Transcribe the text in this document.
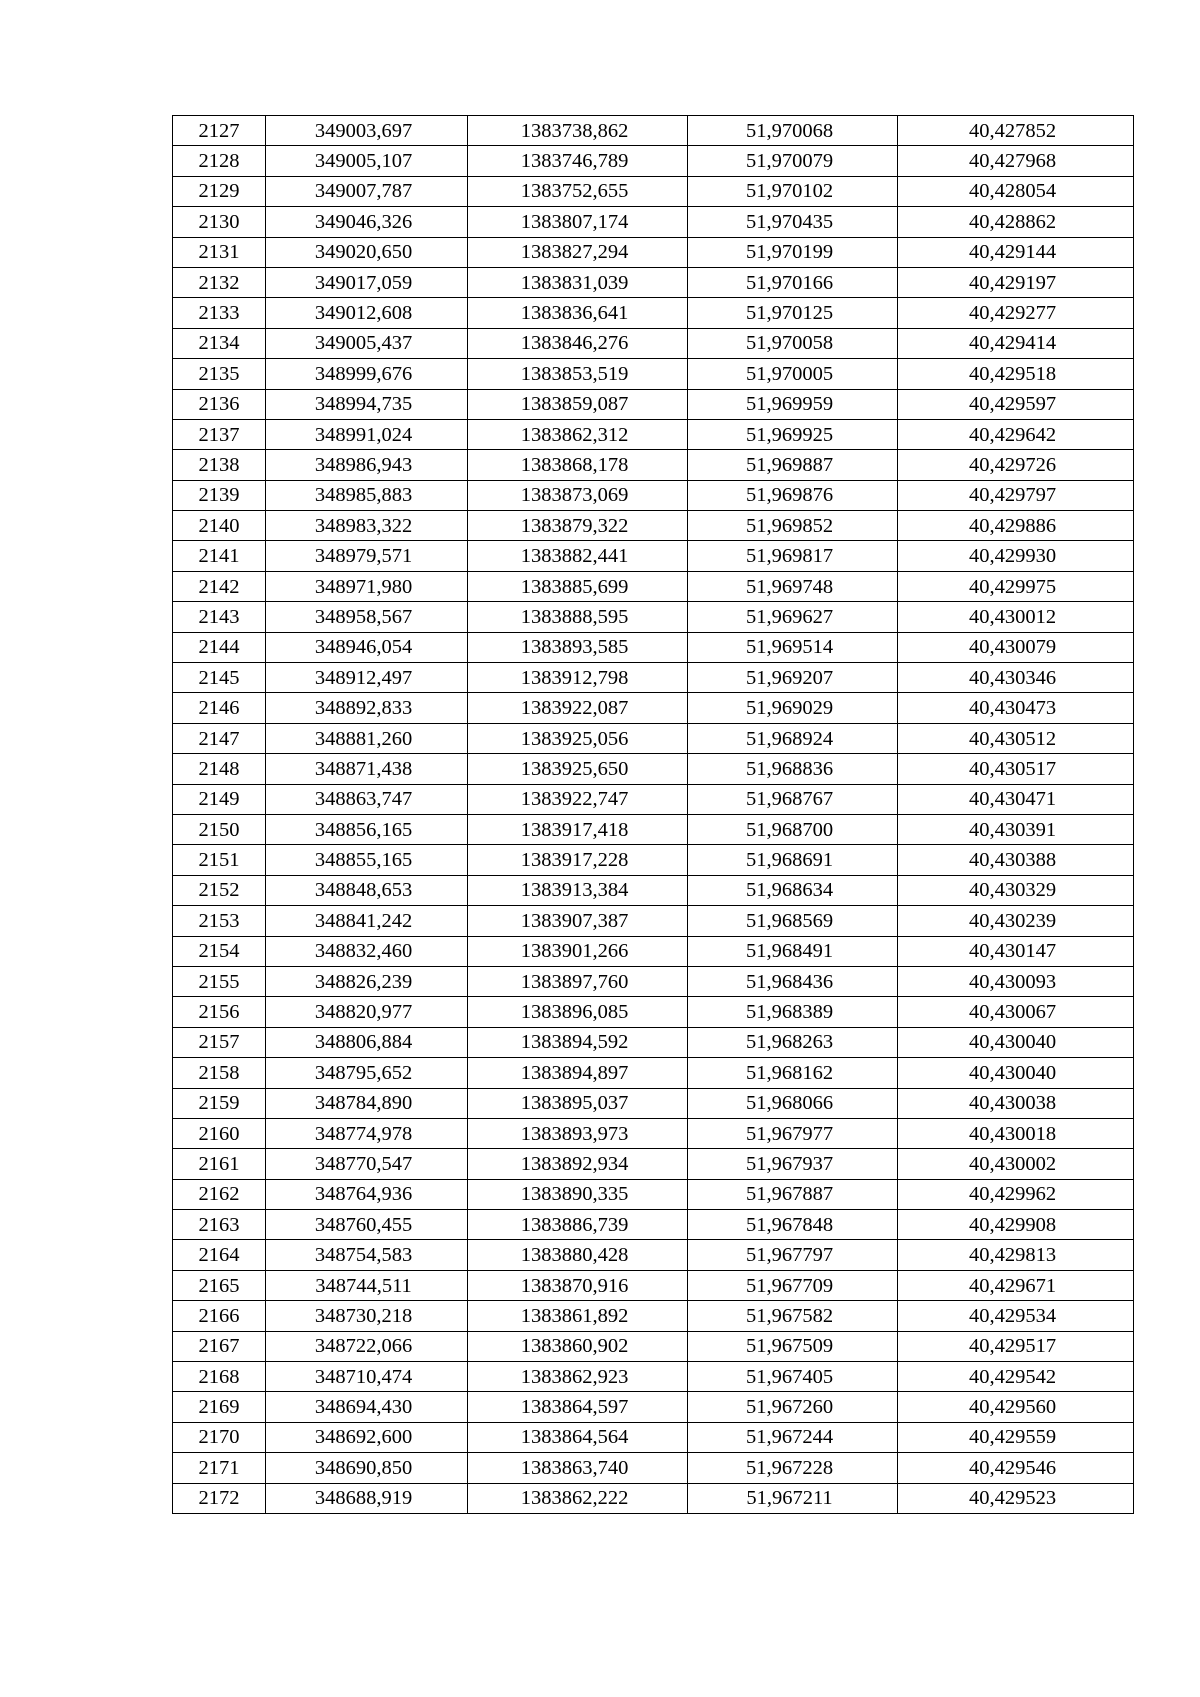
2127	349003,697	1383738,862	51,970068	40,427852
2128	349005,107	1383746,789	51,970079	40,427968
2129	349007,787	1383752,655	51,970102	40,428054
2130	349046,326	1383807,174	51,970435	40,428862
2131	349020,650	1383827,294	51,970199	40,429144
2132	349017,059	1383831,039	51,970166	40,429197
2133	349012,608	1383836,641	51,970125	40,429277
2134	349005,437	1383846,276	51,970058	40,429414
2135	348999,676	1383853,519	51,970005	40,429518
2136	348994,735	1383859,087	51,969959	40,429597
2137	348991,024	1383862,312	51,969925	40,429642
2138	348986,943	1383868,178	51,969887	40,429726
2139	348985,883	1383873,069	51,969876	40,429797
2140	348983,322	1383879,322	51,969852	40,429886
2141	348979,571	1383882,441	51,969817	40,429930
2142	348971,980	1383885,699	51,969748	40,429975
2143	348958,567	1383888,595	51,969627	40,430012
2144	348946,054	1383893,585	51,969514	40,430079
2145	348912,497	1383912,798	51,969207	40,430346
2146	348892,833	1383922,087	51,969029	40,430473
2147	348881,260	1383925,056	51,968924	40,430512
2148	348871,438	1383925,650	51,968836	40,430517
2149	348863,747	1383922,747	51,968767	40,430471
2150	348856,165	1383917,418	51,968700	40,430391
2151	348855,165	1383917,228	51,968691	40,430388
2152	348848,653	1383913,384	51,968634	40,430329
2153	348841,242	1383907,387	51,968569	40,430239
2154	348832,460	1383901,266	51,968491	40,430147
2155	348826,239	1383897,760	51,968436	40,430093
2156	348820,977	1383896,085	51,968389	40,430067
2157	348806,884	1383894,592	51,968263	40,430040
2158	348795,652	1383894,897	51,968162	40,430040
2159	348784,890	1383895,037	51,968066	40,430038
2160	348774,978	1383893,973	51,967977	40,430018
2161	348770,547	1383892,934	51,967937	40,430002
2162	348764,936	1383890,335	51,967887	40,429962
2163	348760,455	1383886,739	51,967848	40,429908
2164	348754,583	1383880,428	51,967797	40,429813
2165	348744,511	1383870,916	51,967709	40,429671
2166	348730,218	1383861,892	51,967582	40,429534
2167	348722,066	1383860,902	51,967509	40,429517
2168	348710,474	1383862,923	51,967405	40,429542
2169	348694,430	1383864,597	51,967260	40,429560
2170	348692,600	1383864,564	51,967244	40,429559
2171	348690,850	1383863,740	51,967228	40,429546
2172	348688,919	1383862,222	51,967211	40,429523
